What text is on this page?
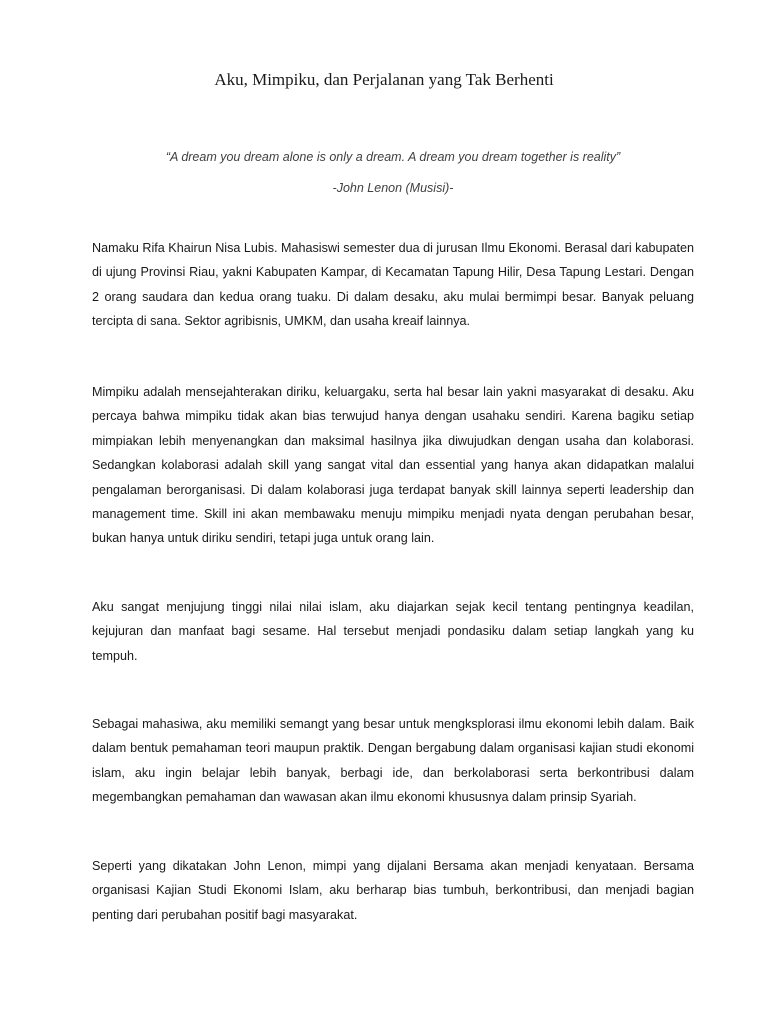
Aku, Mimpiku, dan Perjalanan yang Tak Berhenti

“A dream you dream alone is only a dream. A dream you dream together is reality”

-John Lenon (Musisi)-

Namaku Rifa Khairun Nisa Lubis. Mahasiswi semester dua di jurusan Ilmu Ekonomi. Berasal dari kabupaten di ujung Provinsi Riau, yakni Kabupaten Kampar, di Kecamatan Tapung Hilir, Desa Tapung Lestari. Dengan 2 orang saudara dan kedua orang tuaku. Di dalam desaku, aku mulai bermimpi besar. Banyak peluang tercipta di sana. Sektor agribisnis, UMKM, dan usaha kreaif lainnya.

Mimpiku adalah mensejahterakan diriku, keluargaku, serta hal besar lain yakni masyarakat di desaku. Aku percaya bahwa mimpiku tidak akan bias terwujud hanya dengan usahaku sendiri. Karena bagiku setiap mimpiakan lebih menyenangkan dan maksimal hasilnya jika diwujudkan dengan usaha dan kolaborasi. Sedangkan kolaborasi adalah skill yang sangat vital dan essential yang hanya akan didapatkan malalui pengalaman berorganisasi. Di dalam kolaborasi juga terdapat banyak skill lainnya seperti leadership dan management time. Skill ini akan membawaku menuju mimpiku menjadi nyata dengan perubahan besar, bukan hanya untuk diriku sendiri, tetapi juga untuk orang lain.

Aku sangat menjujung tinggi nilai nilai islam, aku diajarkan sejak kecil tentang pentingnya keadilan, kejujuran dan manfaat bagi sesame. Hal tersebut menjadi pondasiku dalam setiap langkah yang ku tempuh.

Sebagai mahasiwa, aku memiliki semangt yang besar untuk mengksplorasi ilmu ekonomi lebih dalam. Baik dalam bentuk pemahaman teori maupun praktik. Dengan bergabung dalam organisasi kajian studi ekonomi islam, aku ingin belajar lebih banyak, berbagi ide, dan berkolaborasi serta berkontribusi dalam megembangkan pemahaman dan wawasan akan ilmu ekonomi khususnya dalam prinsip Syariah.

Seperti yang dikatakan John Lenon, mimpi yang dijalani Bersama akan menjadi kenyataan. Bersama organisasi Kajian Studi Ekonomi Islam, aku berharap bias tumbuh, berkontribusi, dan menjadi bagian penting dari perubahan positif bagi masyarakat.
